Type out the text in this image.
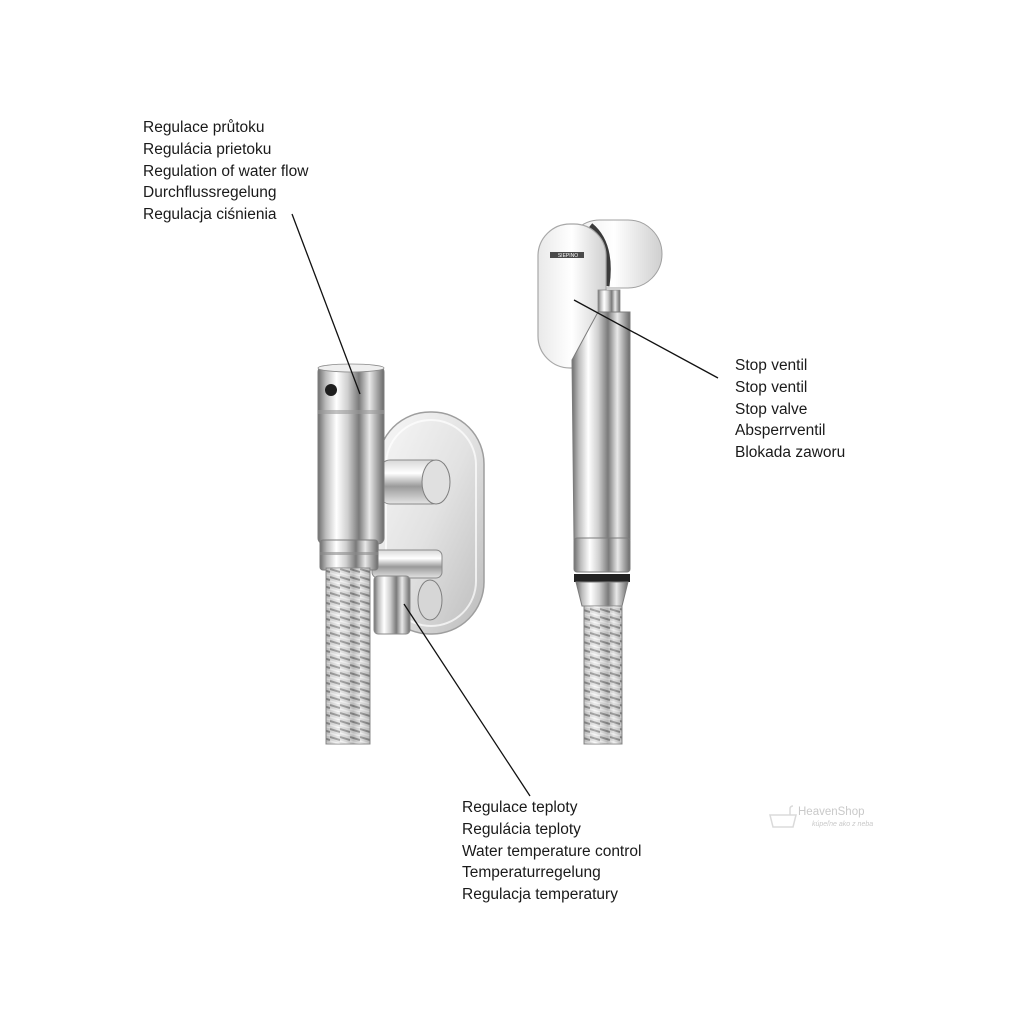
SIEPINO
Regulace průtoku
Regulácia prietoku
Regulation of water flow
Durchflussregelung
Regulacja ciśnienia
Stop ventil
Stop ventil
Stop valve
Absperrventil
Blokada zaworu
Regulace teploty
Regulácia teploty
Water temperature control
Temperaturregelung
Regulacja temperatury
HeavenShop
kúpeľne ako z neba
